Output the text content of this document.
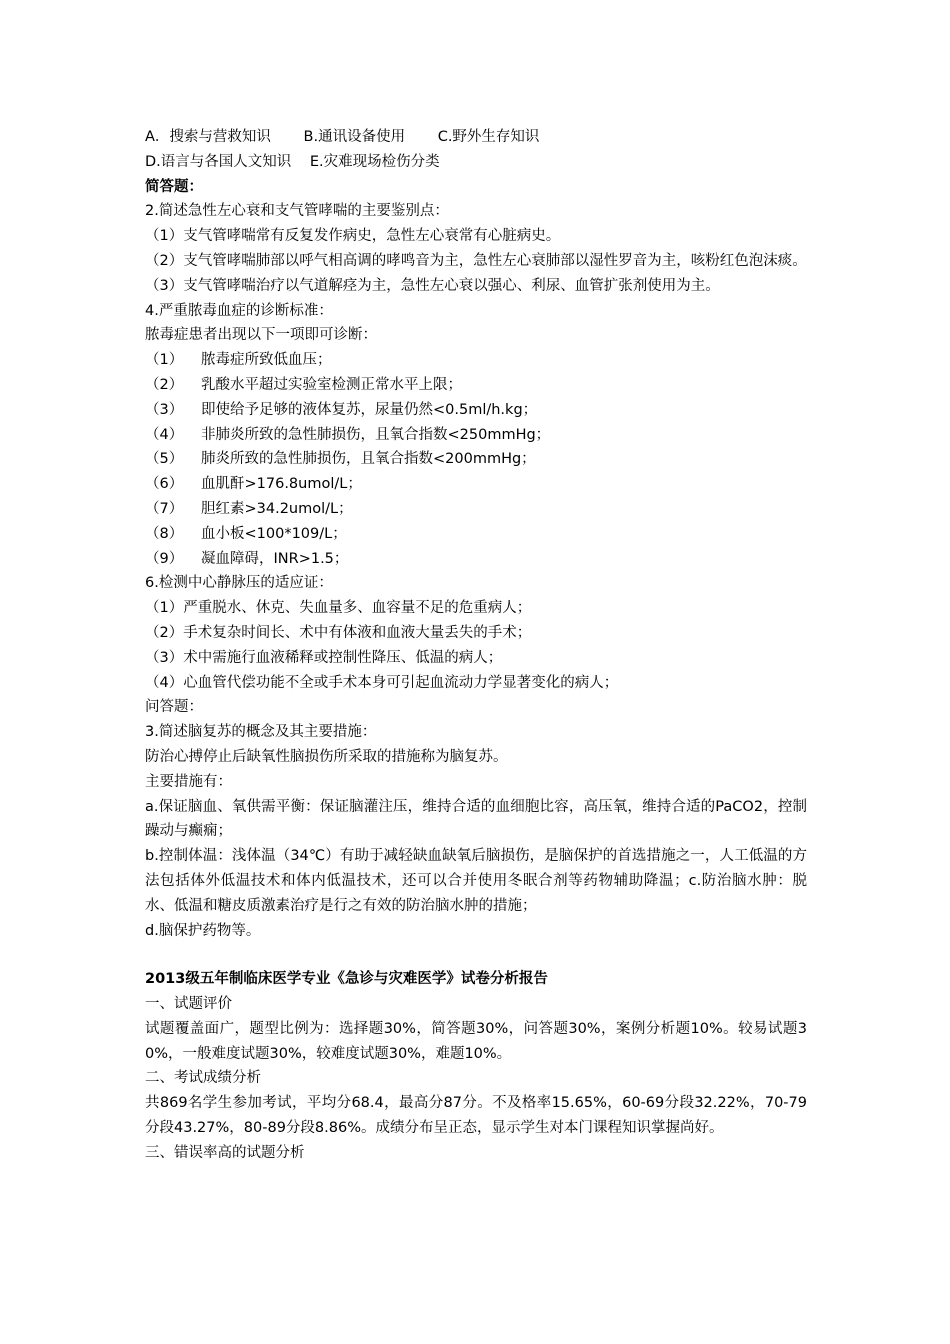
A．搜索与营救知识 B.通讯设备使用 C.野外生存知识
D.语言与各国人文知识 E.灾难现场检伤分类
简答题：
2.简述急性左心衰和支气管哮喘的主要鉴别点：
（1）支气管哮喘常有反复发作病史，急性左心衰常有心脏病史。
（2）支气管哮喘肺部以呼气相高调的哮鸣音为主，急性左心衰肺部以湿性罗音为主，咳粉红色泡沫痰。
（3）支气管哮喘治疗以气道解痉为主，急性左心衰以强心、利尿、血管扩张剂使用为主。
4.严重脓毒血症的诊断标准：
脓毒症患者出现以下一项即可诊断：
（1） 脓毒症所致低血压；
（2） 乳酸水平超过实验室检测正常水平上限；
（3） 即使给予足够的液体复苏，尿量仍然<0.5ml/h.kg；
（4） 非肺炎所致的急性肺损伤，且氧合指数<250mmHg；
（5） 肺炎所致的急性肺损伤，且氧合指数<200mmHg；
（6） 血肌酐>176.8umol/L；
（7） 胆红素>34.2umol/L；
（8） 血小板<100*109/L；
（9） 凝血障碍，INR>1.5；
6.检测中心静脉压的适应证：
（1）严重脱水、休克、失血量多、血容量不足的危重病人；
（2）手术复杂时间长、术中有体液和血液大量丢失的手术；
（3）术中需施行血液稀释或控制性降压、低温的病人；
（4）心血管代偿功能不全或手术本身可引起血流动力学显著变化的病人；
问答题：
3.简述脑复苏的概念及其主要措施：
防治心搏停止后缺氧性脑损伤所采取的措施称为脑复苏。
主要措施有：
a.保证脑血、氧供需平衡：保证脑灌注压，维持合适的血细胞比容，高压氧，维持合适的PaCO2，控制躁动与癫痫；
b.控制体温：浅体温（34℃）有助于减轻缺血缺氧后脑损伤，是脑保护的首选措施之一，人工低温的方法包括体外低温技术和体内低温技术，还可以合并使用冬眠合剂等药物辅助降温；c.防治脑水肿：脱水、低温和糖皮质激素治疗是行之有效的防治脑水肿的措施；
d.脑保护药物等。
2013级五年制临床医学专业《急诊与灾难医学》试卷分析报告
一、试题评价
试题覆盖面广，题型比例为：选择题30%，简答题30%，问答题30%，案例分析题10%。较易试题30%，一般难度试题30%，较难度试题30%，难题10%。
二、考试成绩分析
共869名学生参加考试，平均分68.4，最高分87分。不及格率15.65%，60-69分段32.22%，70-79分段43.27%，80-89分段8.86%。成绩分布呈正态，显示学生对本门课程知识掌握尚好。
三、错误率高的试题分析
